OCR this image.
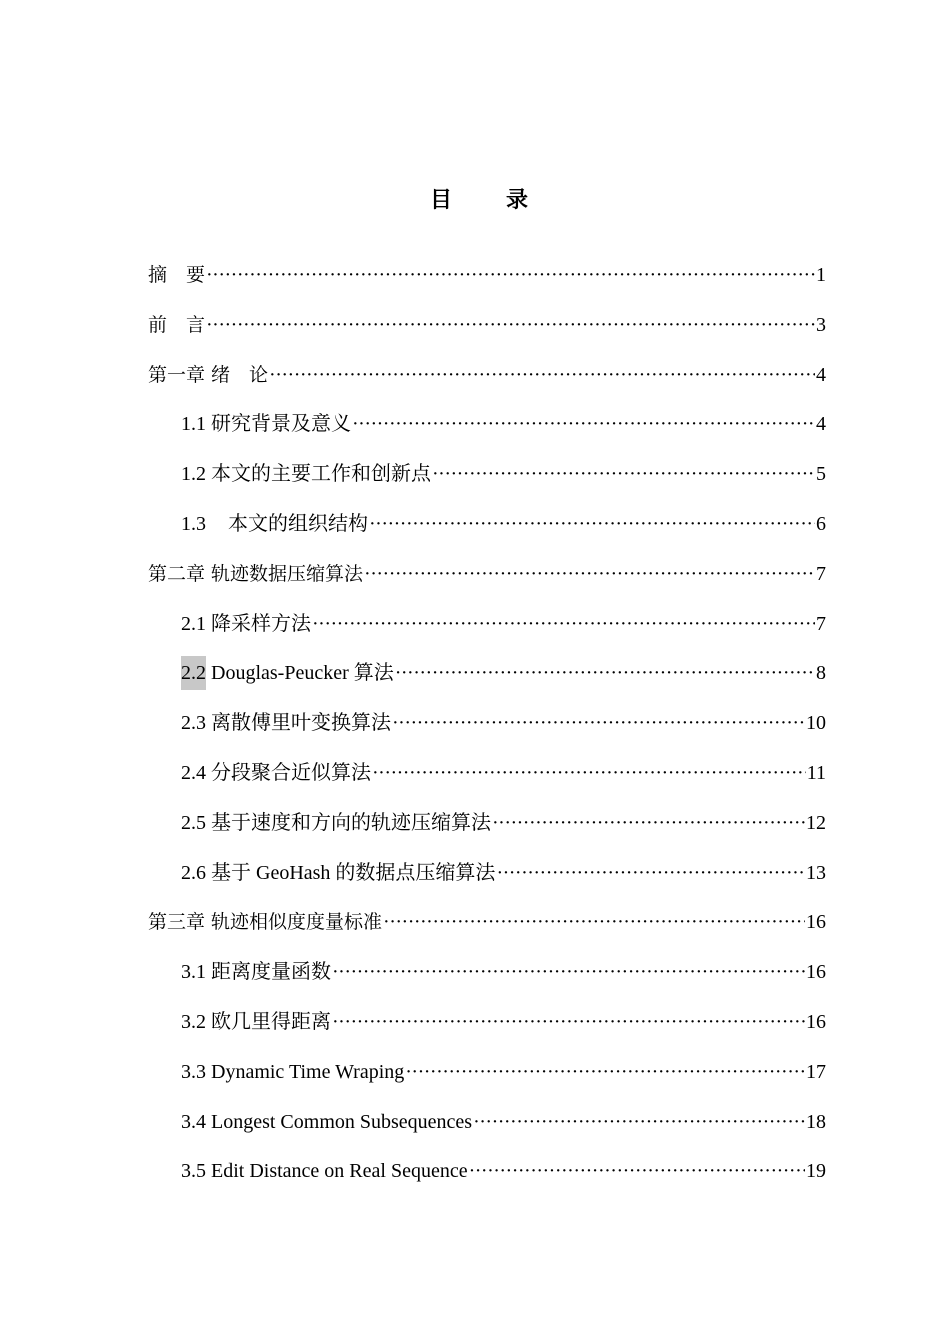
目　录
摘　要 ·····	1
前　言 ·····	3
第一章 绪　论 ·····	4
1.1 研究背景及意义 ·····	4
1.2 本文的主要工作和创新点 ·····	5
1.3 本文的组织结构 ·····	6
第二章 轨迹数据压缩算法 ·····	7
2.1 降采样方法 ·····	7
2.2 Douglas-Peucker 算法 ·····	8
2.3 离散傅里叶变换算法 ·····	10
2.4 分段聚合近似算法 ·····	11
2.5 基于速度和方向的轨迹压缩算法 ·····	12
2.6 基于 GeoHash 的数据点压缩算法 ·····	13
第三章 轨迹相似度度量标准 ·····	16
3.1 距离度量函数 ·····	16
3.2 欧几里得距离 ·····	16
3.3 Dynamic Time Wraping ·····	17
3.4 Longest Common Subsequences ·····	18
3.5 Edit Distance on Real Sequence ·····	19
